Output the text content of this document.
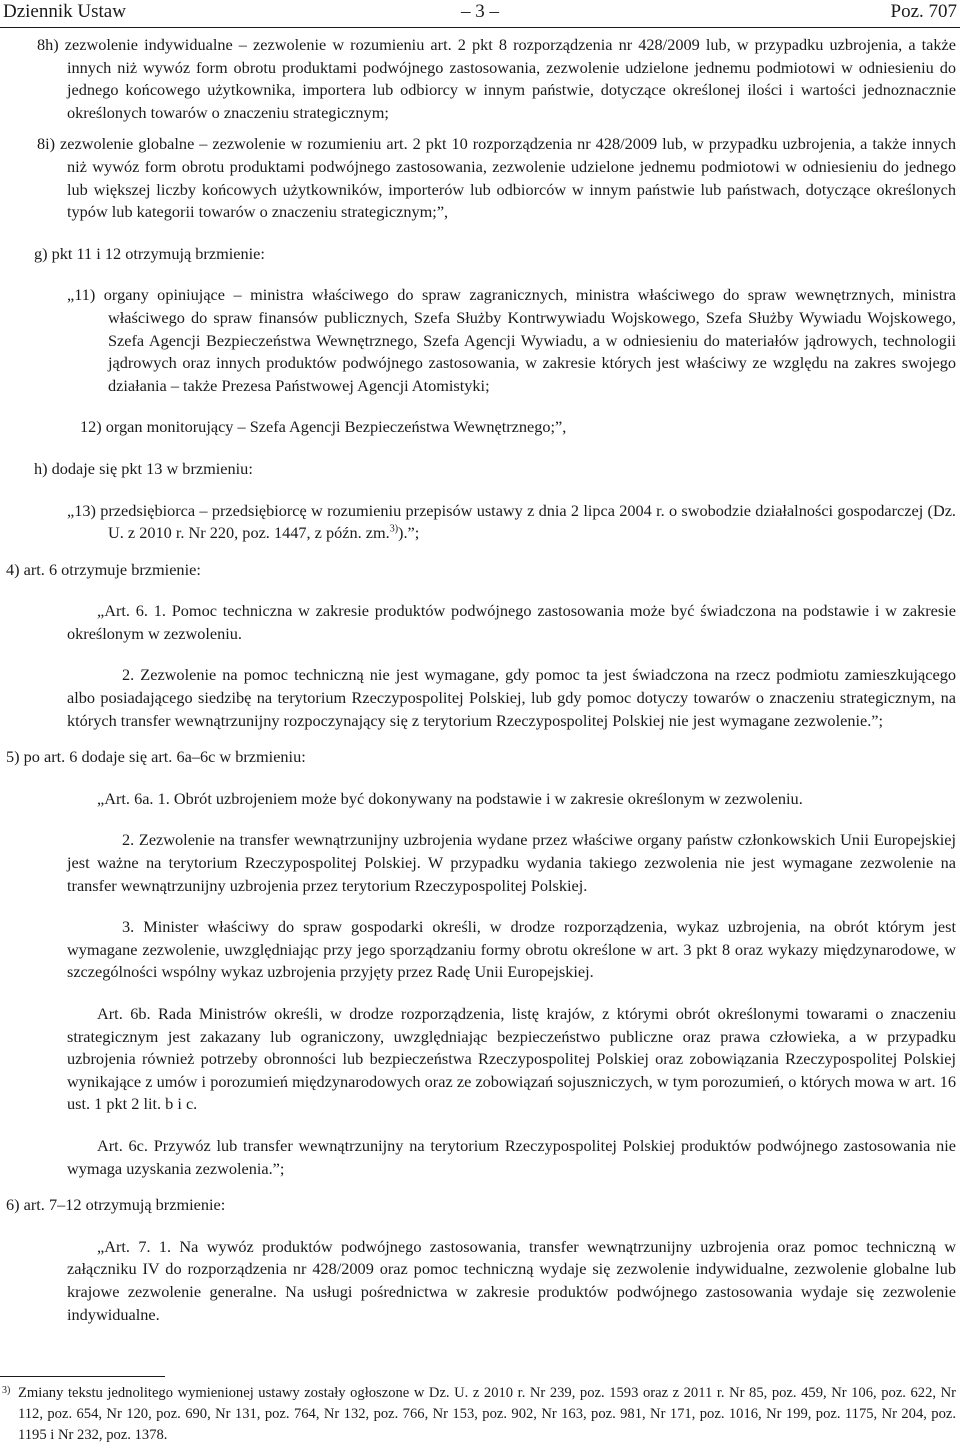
Dziennik Ustaw	– 3 –	Poz. 707

8h) zezwolenie indywidualne – zezwolenie w rozumieniu art. 2 pkt 8 rozporządzenia nr 428/2009 lub, w przypadku uzbrojenia, a także innych niż wywóz form obrotu produktami podwójnego zastosowania, zezwolenie udzielone jednemu podmiotowi w odniesieniu do jednego końcowego użytkownika, importera lub odbiorcy w innym państwie, dotyczące określonej ilości i wartości jednoznacznie określonych towarów o znaczeniu strategicznym;

8i) zezwolenie globalne – zezwolenie w rozumieniu art. 2 pkt 10 rozporządzenia nr 428/2009 lub, w przypadku uzbrojenia, a także innych niż wywóz form obrotu produktami podwójnego zastosowania, zezwolenie udzielone jednemu podmiotowi w odniesieniu do jednego lub większej liczby końcowych użytkowników, importerów lub odbiorców w innym państwie lub państwach, dotyczące określonych typów lub kategorii towarów o znaczeniu strategicznym;”,

g) pkt 11 i 12 otrzymują brzmienie:

„11) organy opiniujące – ministra właściwego do spraw zagranicznych, ministra właściwego do spraw wewnętrznych, ministra właściwego do spraw finansów publicznych, Szefa Służby Kontrwywiadu Wojskowego, Szefa Służby Wywiadu Wojskowego, Szefa Agencji Bezpieczeństwa Wewnętrznego, Szefa Agencji Wywiadu, a w odniesieniu do materiałów jądrowych, technologii jądrowych oraz innych produktów podwójnego zastosowania, w zakresie których jest właściwy ze względu na zakres swojego działania – także Prezesa Państwowej Agencji Atomistyki;

12) organ monitorujący – Szefa Agencji Bezpieczeństwa Wewnętrznego;”,

h) dodaje się pkt 13 w brzmieniu:

„13) przedsiębiorca – przedsiębiorcę w rozumieniu przepisów ustawy z dnia 2 lipca 2004 r. o swobodzie działalności gospodarczej (Dz. U. z 2010 r. Nr 220, poz. 1447, z późn. zm.$^{3)}$).”;

4) art. 6 otrzymuje brzmienie:

„Art. 6. 1. Pomoc techniczna w zakresie produktów podwójnego zastosowania może być świadczona na podstawie i w zakresie określonym w zezwoleniu.

2. Zezwolenie na pomoc techniczną nie jest wymagane, gdy pomoc ta jest świadczona na rzecz podmiotu zamieszkującego albo posiadającego siedzibę na terytorium Rzeczypospolitej Polskiej, lub gdy pomoc dotyczy towarów o znaczeniu strategicznym, na których transfer wewnątrzunijny rozpoczynający się z terytorium Rzeczypospolitej Polskiej nie jest wymagane zezwolenie.”;

5) po art. 6 dodaje się art. 6a–6c w brzmieniu:

„Art. 6a. 1. Obrót uzbrojeniem może być dokonywany na podstawie i w zakresie określonym w zezwoleniu.

2. Zezwolenie na transfer wewnątrzunijny uzbrojenia wydane przez właściwe organy państw członkowskich Unii Europejskiej jest ważne na terytorium Rzeczypospolitej Polskiej. W przypadku wydania takiego zezwolenia nie jest wymagane zezwolenie na transfer wewnątrzunijny uzbrojenia przez terytorium Rzeczypospolitej Polskiej.

3. Minister właściwy do spraw gospodarki określi, w drodze rozporządzenia, wykaz uzbrojenia, na obrót którym jest wymagane zezwolenie, uwzględniając przy jego sporządzaniu formy obrotu określone w art. 3 pkt 8 oraz wykazy międzynarodowe, w szczególności wspólny wykaz uzbrojenia przyjęty przez Radę Unii Europejskiej.

Art. 6b. Rada Ministrów określi, w drodze rozporządzenia, listę krajów, z którymi obrót określonymi towarami o znaczeniu strategicznym jest zakazany lub ograniczony, uwzględniając bezpieczeństwo publiczne oraz prawa człowieka, a w przypadku uzbrojenia również potrzeby obronności lub bezpieczeństwa Rzeczypospolitej Polskiej oraz zobowiązania Rzeczypospolitej Polskiej wynikające z umów i porozumień międzynarodowych oraz ze zobowiązań sojuszniczych, w tym porozumień, o których mowa w art. 16 ust. 1 pkt 2 lit. b i c.

Art. 6c. Przywóz lub transfer wewnątrzunijny na terytorium Rzeczypospolitej Polskiej produktów podwójnego zastosowania nie wymaga uzyskania zezwolenia.”;

6) art. 7–12 otrzymują brzmienie:

„Art. 7. 1. Na wywóz produktów podwójnego zastosowania, transfer wewnątrzunijny uzbrojenia oraz pomoc techniczną w załączniku IV do rozporządzenia nr 428/2009 oraz pomoc techniczną wydaje się zezwolenie indywidualne, zezwolenie globalne lub krajowe zezwolenie generalne. Na usługi pośrednictwa w zakresie produktów podwójnego zastosowania wydaje się zezwolenie indywidualne.

3) Zmiany tekstu jednolitego wymienionej ustawy zostały ogłoszone w Dz. U. z 2010 r. Nr 239, poz. 1593 oraz z 2011 r. Nr 85, poz. 459, Nr 106, poz. 622, Nr 112, poz. 654, Nr 120, poz. 690, Nr 131, poz. 764, Nr 132, poz. 766, Nr 153, poz. 902, Nr 163, poz. 981, Nr 171, poz. 1016, Nr 199, poz. 1175, Nr 204, poz. 1195 i Nr 232, poz. 1378.
